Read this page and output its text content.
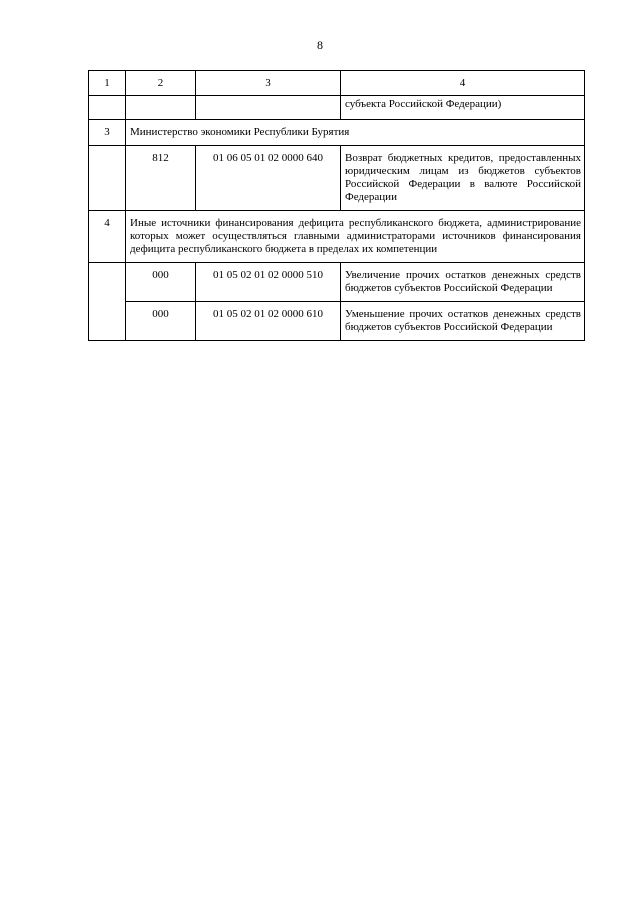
8
1	2	3	4
			субъекта Российской Федерации)
3	Министерство экономики Республики Бурятия		
	812	01 06 05 01 02 0000 640	Возврат бюджетных кредитов, предоставленных юридическим лицам из бюджетов субъектов Российской Федерации в валюте Российской Федерации
4	Иные источники финансирования дефицита республиканского бюджета, администрирование которых может осуществляться главными администраторами источников финансирования дефицита республиканского бюджета в пределах их компетенции		
	000	01 05 02 01 02 0000 510	Увеличение прочих остатков денежных средств бюджетов субъектов Российской Федерации
	000	01 05 02 01 02 0000 610	Уменьшение прочих остатков денежных средств бюджетов субъектов Российской Федерации
